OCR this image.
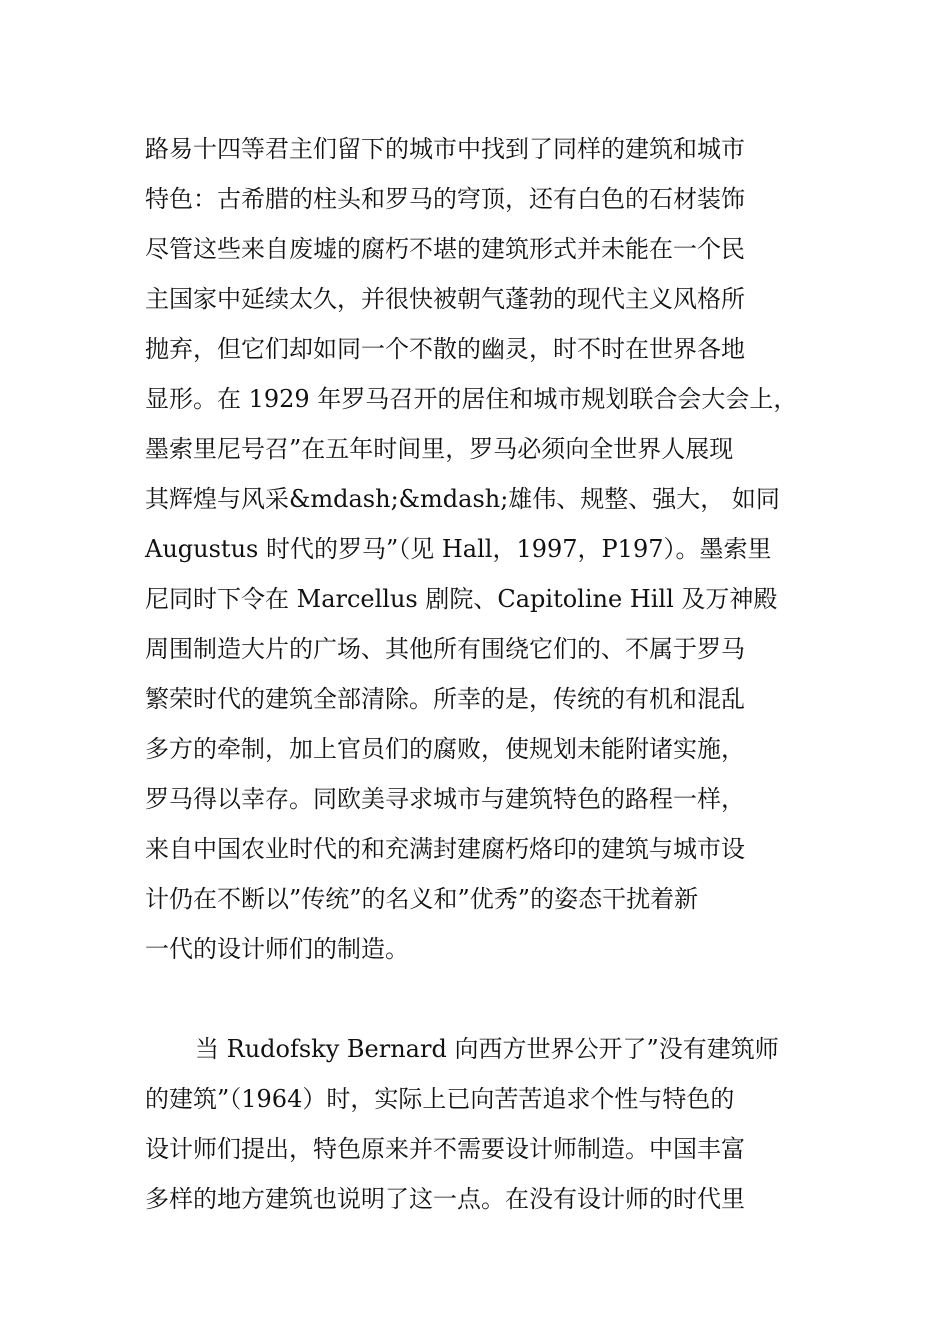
路易十四等君主们留下的城市中找到了同样的建筑和城市
特色：古希腊的柱头和罗马的穹顶，还有白色的石材装饰
尽管这些来自废墟的腐朽不堪的建筑形式并未能在一个民
主国家中延续太久，并很快被朝气蓬勃的现代主义风格所
抛弃，但它们却如同一个不散的幽灵，时不时在世界各地
显形。在 1929 年罗马召开的居住和城市规划联合会大会上，
墨索里尼号召”在五年时间里，罗马必须向全世界人展现
其辉煌与风采&mdash;&mdash;雄伟、规整、强大， 如同
Augustus 时代的罗马”（见 Hall，1997，P197）。墨索里
尼同时下令在 Marcellus 剧院、Capitoline Hill 及万神殿
周围制造大片的广场、其他所有围绕它们的、不属于罗马
繁荣时代的建筑全部清除。所幸的是，传统的有机和混乱
多方的牵制，加上官员们的腐败，使规划未能附诸实施，
罗马得以幸存。同欧美寻求城市与建筑特色的路程一样，
来自中国农业时代的和充满封建腐朽烙印的建筑与城市设
计仍在不断以”传统”的名义和”优秀”的姿态干扰着新
一代的设计师们的制造。
当 Rudofsky Bernard 向西方世界公开了”没有建筑师
的建筑”（1964）时，实际上已向苦苦追求个性与特色的
设计师们提出，特色原来并不需要设计师制造。中国丰富
多样的地方建筑也说明了这一点。在没有设计师的时代里
